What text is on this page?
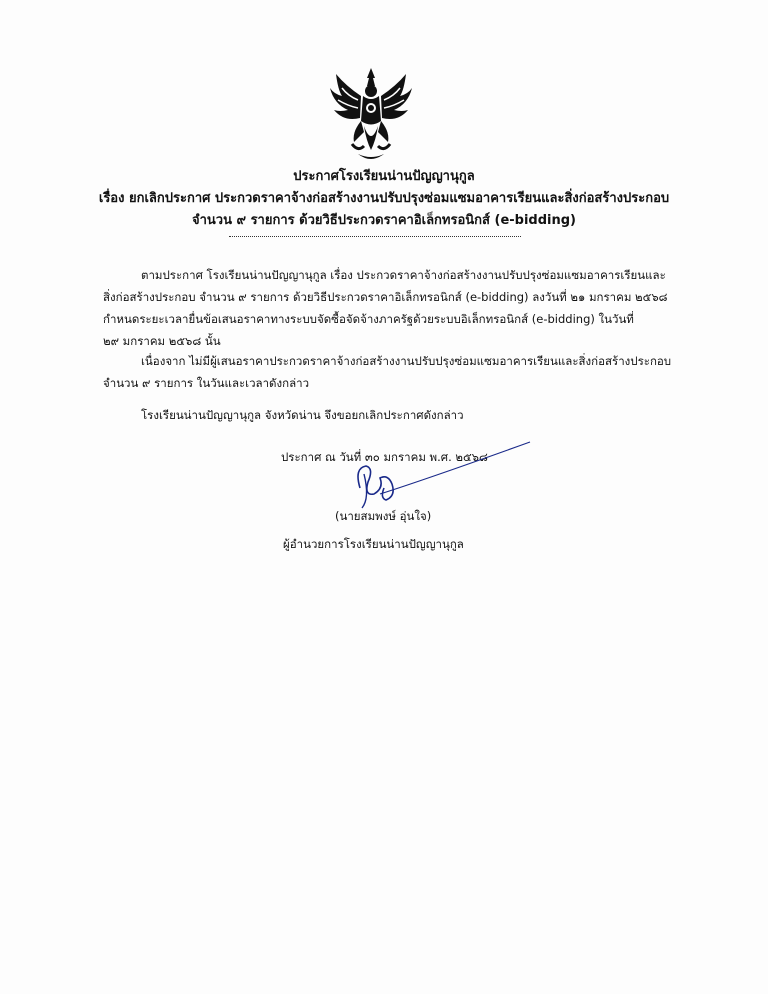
ประกาศโรงเรียนน่านปัญญานุกูล
เรื่อง ยกเลิกประกาศ ประกวดราคาจ้างก่อสร้างงานปรับปรุงซ่อมแซมอาคารเรียนและสิ่งก่อสร้างประกอบ
จำนวน ๙ รายการ ด้วยวิธีประกวดราคาอิเล็กทรอนิกส์ (e-bidding)
ตามประกาศ โรงเรียนน่านปัญญานุกูล เรื่อง ประกวดราคาจ้างก่อสร้างงานปรับปรุงซ่อมแซมอาคารเรียนและ
สิ่งก่อสร้างประกอบ จำนวน ๙ รายการ ด้วยวิธีประกวดราคาอิเล็กทรอนิกส์ (e-bidding) ลงวันที่ ๒๑ มกราคม ๒๕๖๘
กำหนดระยะเวลายื่นข้อเสนอราคาทางระบบจัดซื้อจัดจ้างภาครัฐด้วยระบบอิเล็กทรอนิกส์ (e-bidding) ในวันที่
๒๙ มกราคม ๒๕๖๘ นั้น
เนื่องจาก ไม่มีผู้เสนอราคาประกวดราคาจ้างก่อสร้างงานปรับปรุงซ่อมแซมอาคารเรียนและสิ่งก่อสร้างประกอบ
จำนวน ๙ รายการ ในวันและเวลาดังกล่าว
โรงเรียนน่านปัญญานุกูล จังหวัดน่าน จึงขอยกเลิกประกาศดังกล่าว
ประกาศ ณ วันที่ ๓๐ มกราคม พ.ศ. ๒๕๖๘
(นายสมพงษ์ อุ่นใจ)
ผู้อำนวยการโรงเรียนน่านปัญญานุกูล
